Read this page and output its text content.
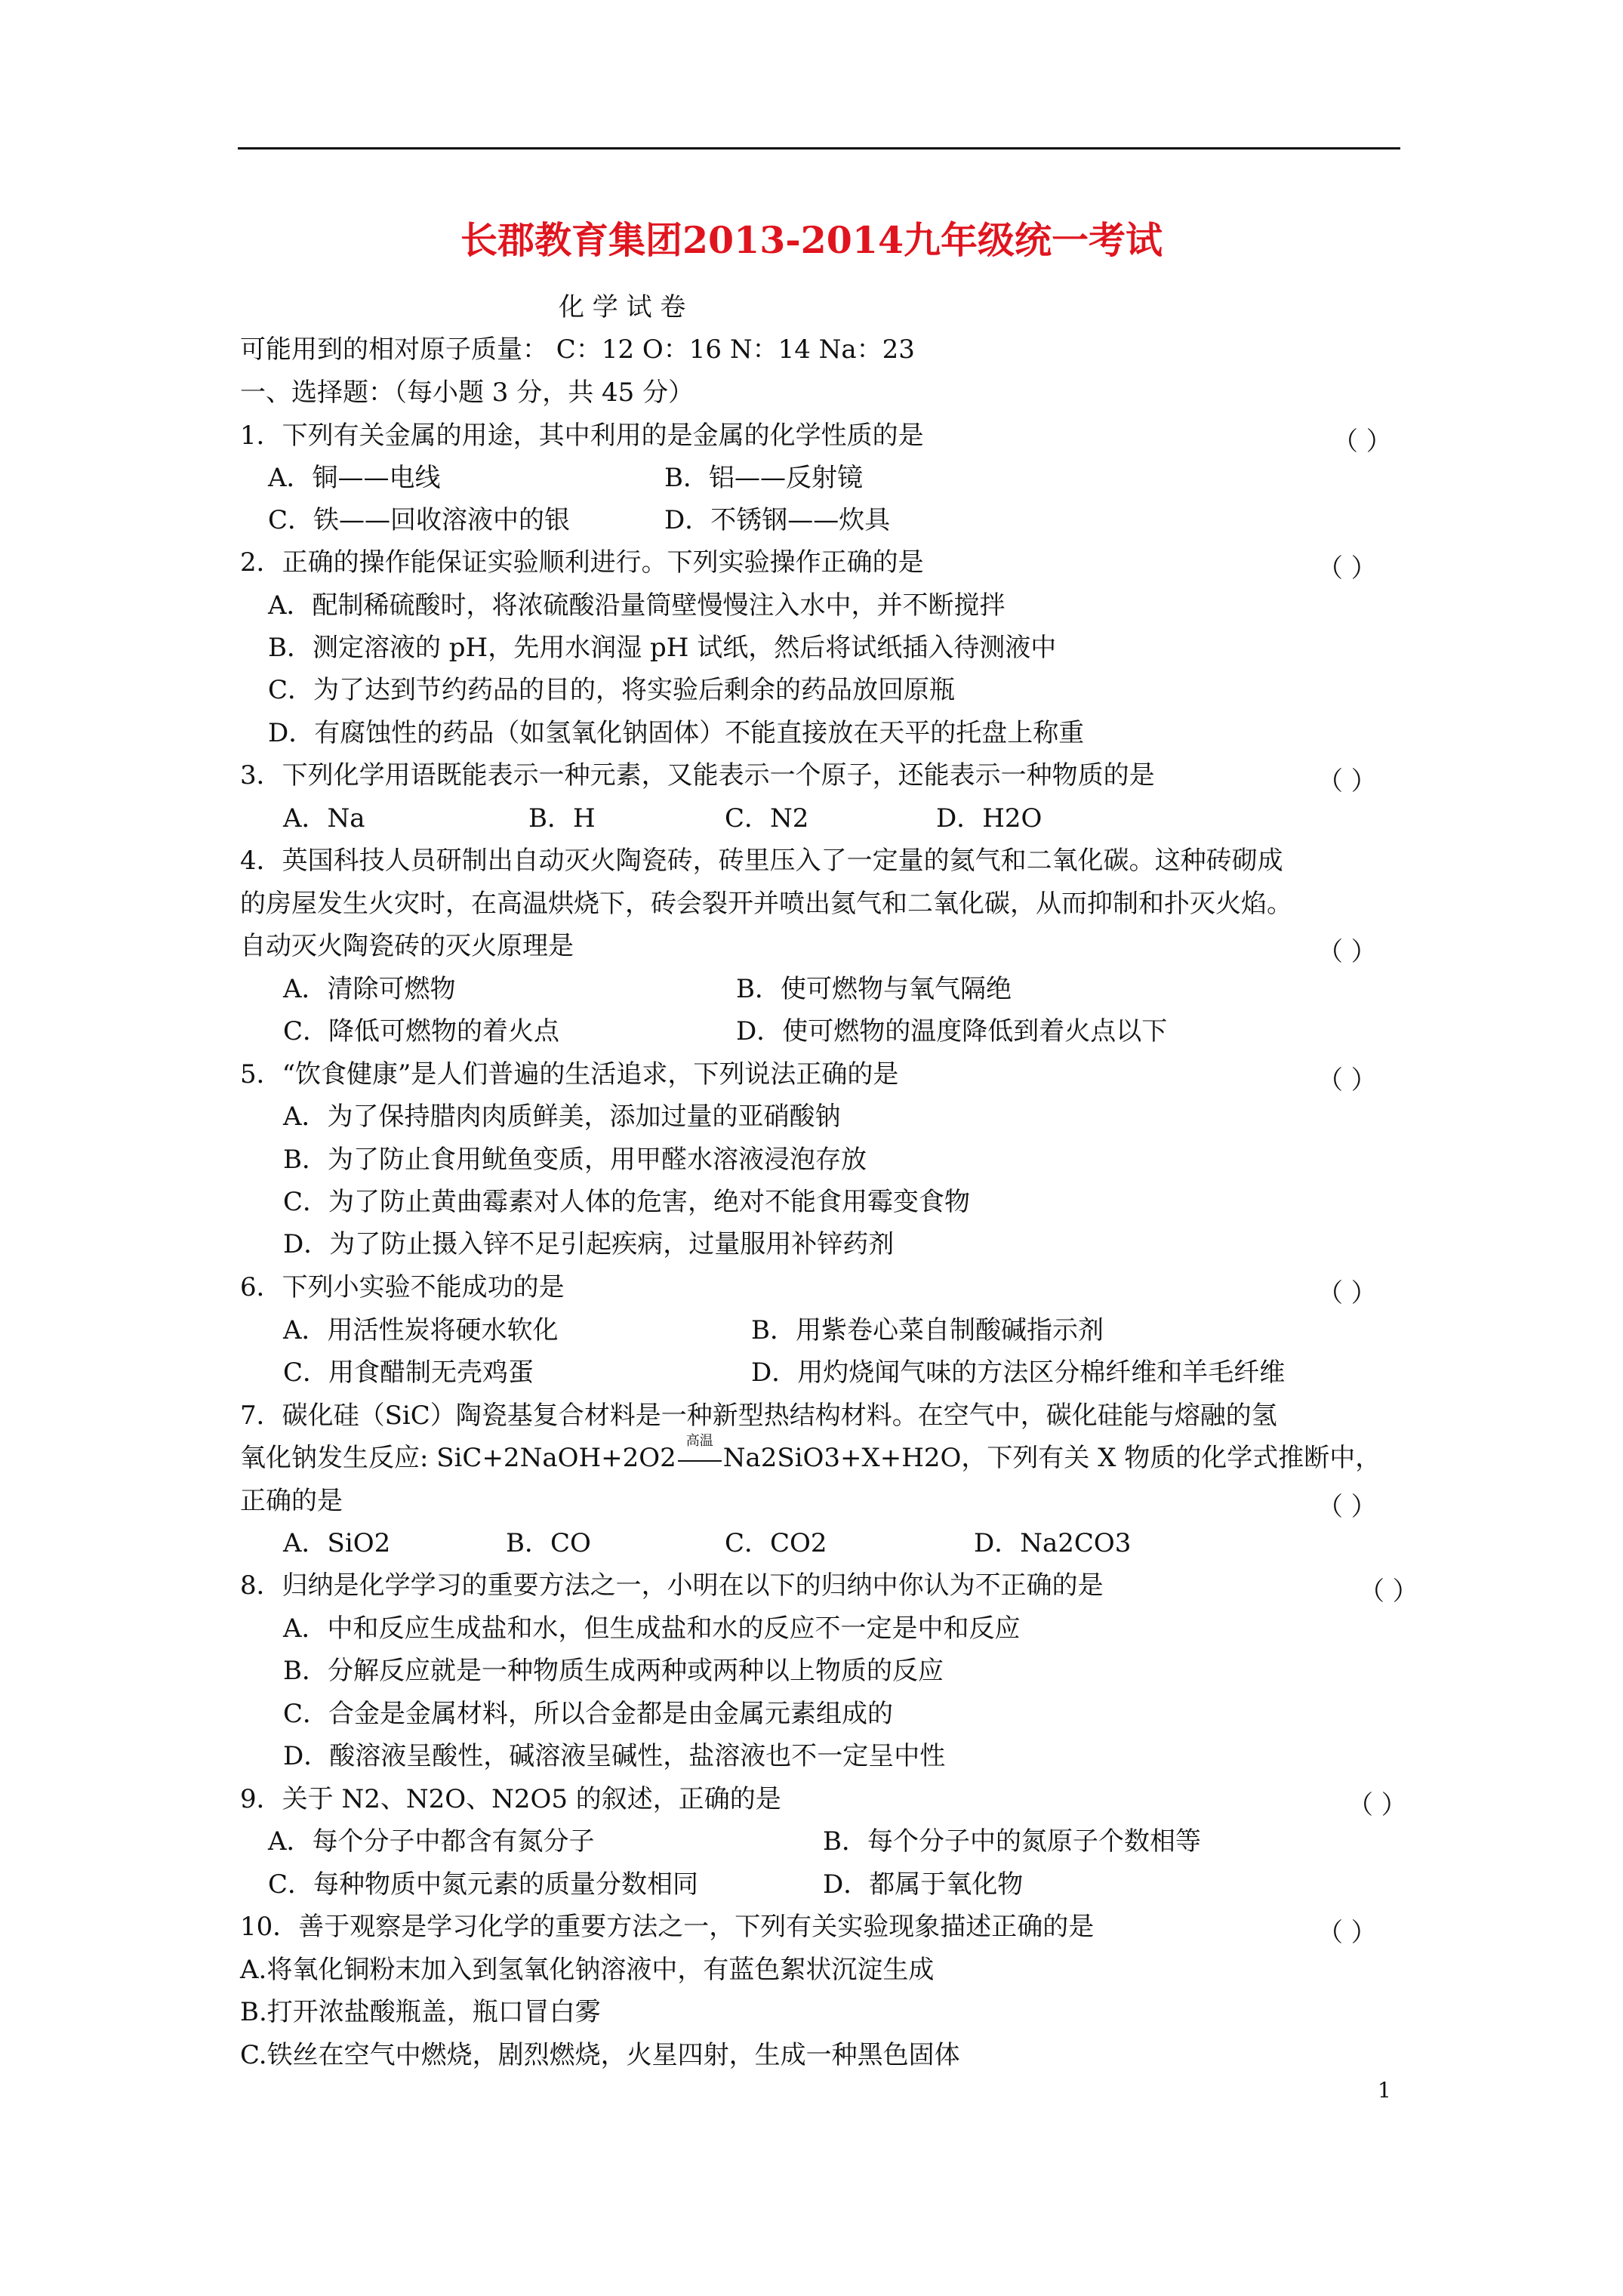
长郡教育集团2013-2014九年级统一考试
化 学 试 卷
可能用到的相对原子质量： C：12 O：16 N：14 Na：23
一、选择题：（每小题 3 分，共 45 分）
1．下列有关金属的用途，其中利用的是金属的化学性质的是	（ ）
A．铜——电线	B．铝——反射镜
C．铁——回收溶液中的银	D．不锈钢——炊具
2．正确的操作能保证实验顺利进行。下列实验操作正确的是	（ ）
A．配制稀硫酸时，将浓硫酸沿量筒壁慢慢注入水中，并不断搅拌
B．测定溶液的 pH，先用水润湿 pH 试纸，然后将试纸插入待测液中
C．为了达到节约药品的目的，将实验后剩余的药品放回原瓶
D．有腐蚀性的药品（如氢氧化钠固体）不能直接放在天平的托盘上称重
3．下列化学用语既能表示一种元素，又能表示一个原子，还能表示一种物质的是	（ ）
A．Na	B．H	C．N2	D．H2O
4．英国科技人员研制出自动灭火陶瓷砖，砖里压入了一定量的氦气和二氧化碳。这种砖砌成
的房屋发生火灾时，在高温烘烧下，砖会裂开并喷出氦气和二氧化碳，从而抑制和扑灭火焰。
自动灭火陶瓷砖的灭火原理是	（ ）
A．清除可燃物	B．使可燃物与氧气隔绝
C．降低可燃物的着火点	D．使可燃物的温度降低到着火点以下
5．“饮食健康”是人们普遍的生活追求，下列说法正确的是	（ ）
A．为了保持腊肉肉质鲜美，添加过量的亚硝酸钠
B．为了防止食用鱿鱼变质，用甲醛水溶液浸泡存放
C．为了防止黄曲霉素对人体的危害，绝对不能食用霉变食物
D．为了防止摄入锌不足引起疾病，过量服用补锌药剂
6．下列小实验不能成功的是	（ ）
A．用活性炭将硬水软化	B．用紫卷心菜自制酸碱指示剂
C．用食醋制无壳鸡蛋	D．用灼烧闻气味的方法区分棉纤维和羊毛纤维
7．碳化硅（SiC）陶瓷基复合材料是一种新型热结构材料。在空气中，碳化硅能与熔融的氢
氧化钠发生反应: SiC+2NaOH+2O2
高温
Na2SiO3+X+H2O，下列有关 X 物质的化学式推断中，
正确的是	（ ）
A．SiO2	B．CO	C．CO2	D．Na2CO3
8．归纳是化学学习的重要方法之一，小明在以下的归纳中你认为不正确的是	（ ）
A．中和反应生成盐和水，但生成盐和水的反应不一定是中和反应
B．分解反应就是一种物质生成两种或两种以上物质的反应
C．合金是金属材料，所以合金都是由金属元素组成的
D．酸溶液呈酸性，碱溶液呈碱性，盐溶液也不一定呈中性
9．关于 N2、N2O、N2O5 的叙述，正确的是	（ ）
A．每个分子中都含有氮分子	B．每个分子中的氮原子个数相等
C．每种物质中氮元素的质量分数相同	D．都属于氧化物
10．善于观察是学习化学的重要方法之一，下列有关实验现象描述正确的是	（ ）
A.将氧化铜粉末加入到氢氧化钠溶液中，有蓝色絮状沉淀生成
B.打开浓盐酸瓶盖，瓶口冒白雾
C.铁丝在空气中燃烧，剧烈燃烧，火星四射，生成一种黑色固体
1
